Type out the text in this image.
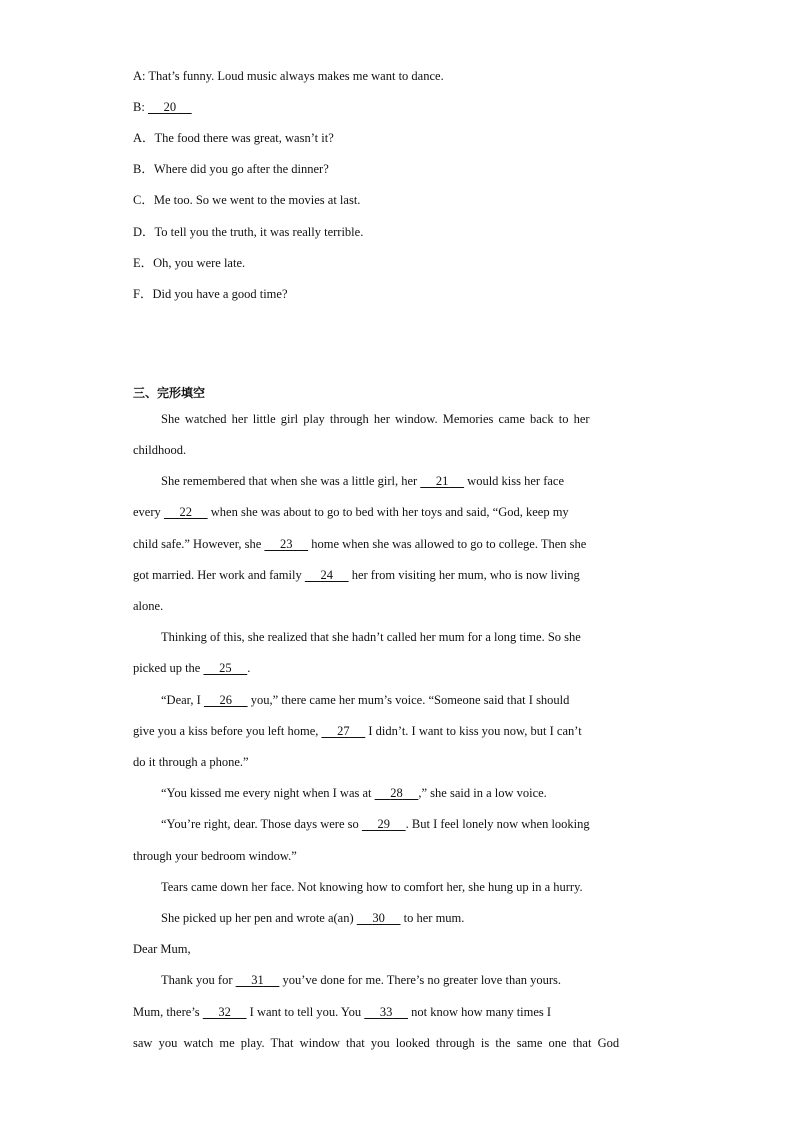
A: That’s funny. Loud music always makes me want to dance.
B: 20
A．The food there was great, wasn’t it?
B．Where did you go after the dinner?
C．Me too. So we went to the movies at last.
D．To tell you the truth, it was really terrible.
E．Oh, you were late.
F．Did you have a good time?
三、完形填空
She watched her little girl play through her window. Memories came back to her
childhood.
She remembered that when she was a little girl, her 21 would kiss her face
every 22 when she was about to go to bed with her toys and said, “God, keep my
child safe.” However, she 23 home when she was allowed to go to college. Then she
got married. Her work and family 24 her from visiting her mum, who is now living
alone.
Thinking of this, she realized that she hadn’t called her mum for a long time. So she
picked up the 25 .
“Dear, I 26 you,” there came her mum’s voice. “Someone said that I should
give you a kiss before you left home, 27 I didn’t. I want to kiss you now, but I can’t
do it through a phone.”
“You kissed me every night when I was at 28 ,” she said in a low voice.
“You’re right, dear. Those days were so 29 . But I feel lonely now when looking
through your bedroom window.”
Tears came down her face. Not knowing how to comfort her, she hung up in a hurry.
She picked up her pen and wrote a(an) 30 to her mum.
Dear Mum,
Thank you for 31 you’ve done for me. There’s no greater love than yours.
Mum, there’s 32 I want to tell you. You 33 not know how many times I
saw you watch me play. That window that you looked through is the same one that God
